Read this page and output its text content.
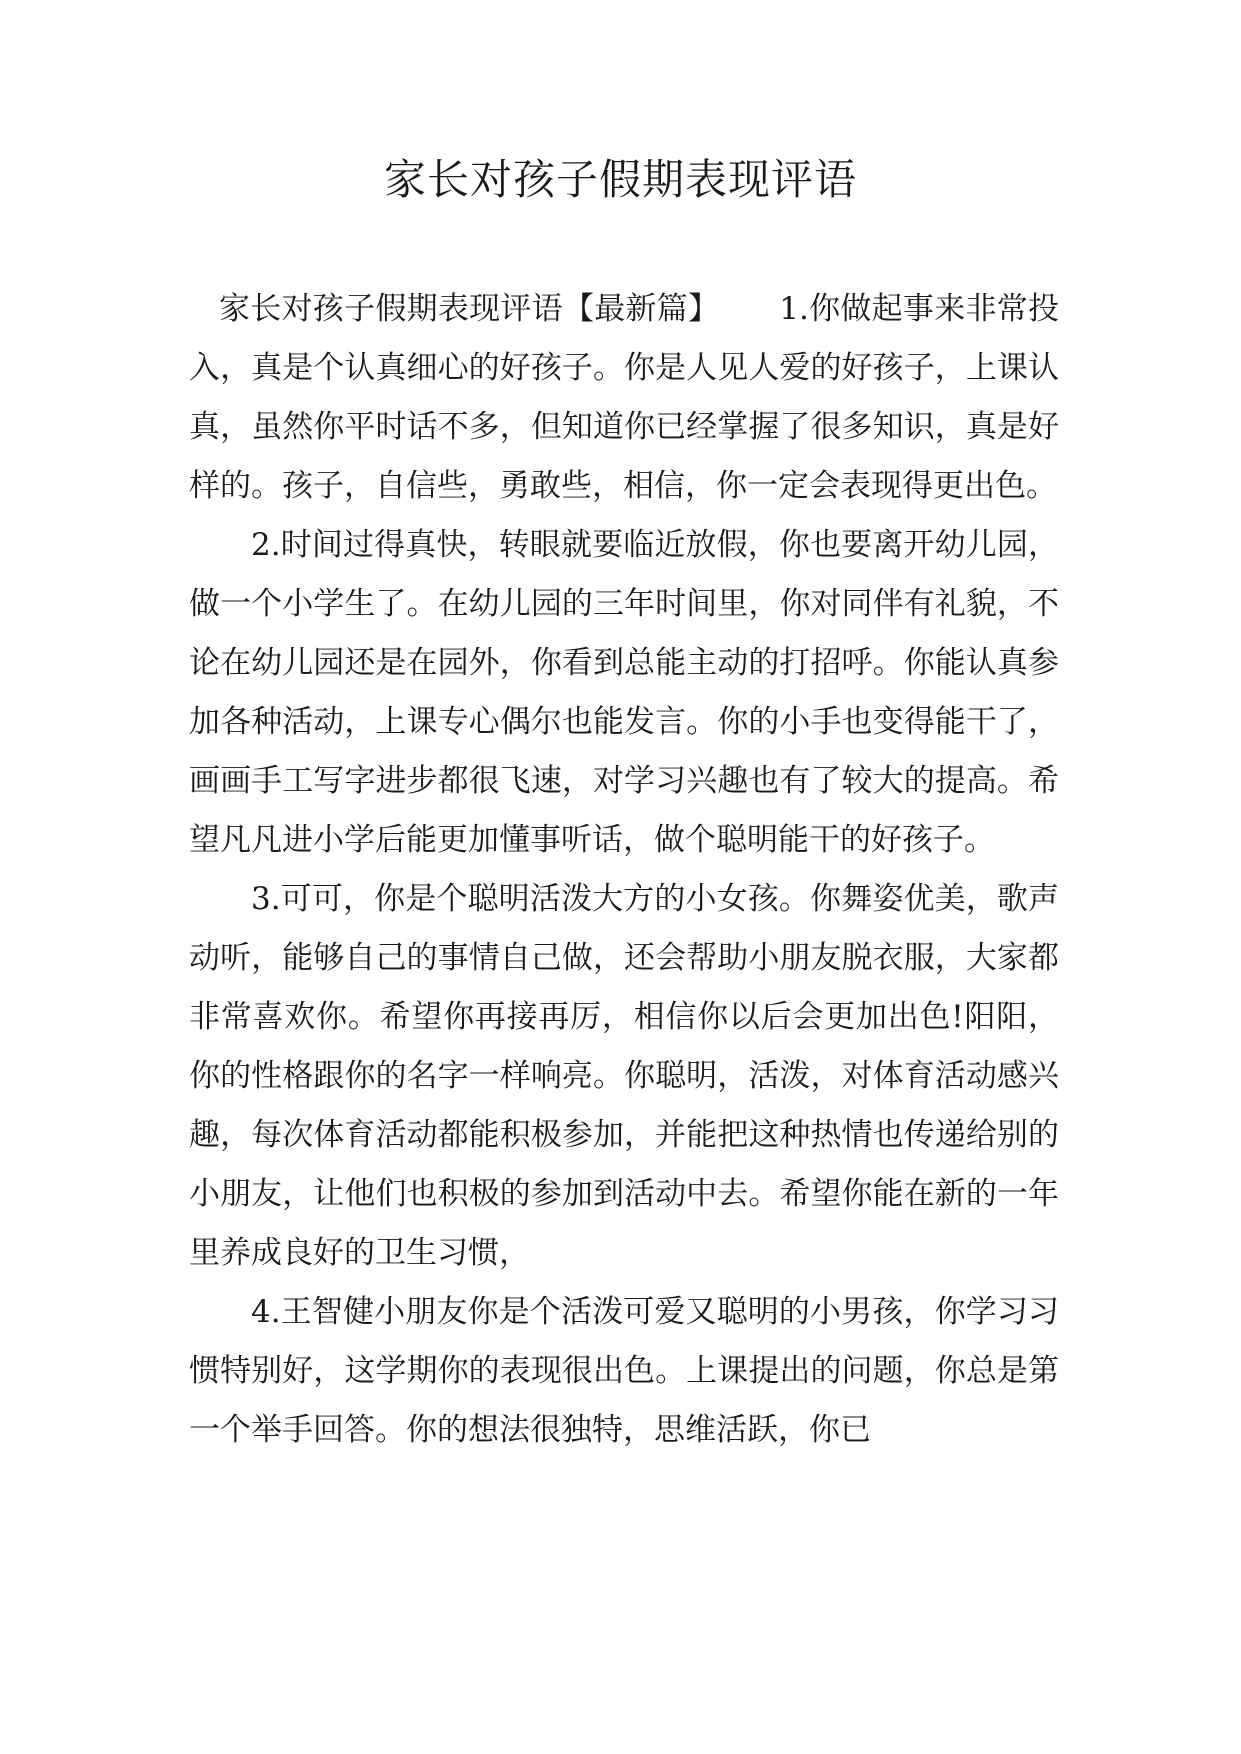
家长对孩子假期表现评语

家长对孩子假期表现评语【最新篇】 1.你做起事来非常投入，真是个认真细心的好孩子。你是人见人爱的好孩子，上课认真，虽然你平时话不多，但知道你已经掌握了很多知识，真是好样的。孩子，自信些，勇敢些，相信，你一定会表现得更出色。

2.时间过得真快，转眼就要临近放假，你也要离开幼儿园，做一个小学生了。在幼儿园的三年时间里，你对同伴有礼貌，不论在幼儿园还是在园外，你看到总能主动的打招呼。你能认真参加各种活动，上课专心偶尔也能发言。你的小手也变得能干了，画画手工写字进步都很飞速，对学习兴趣也有了较大的提高。希望凡凡进小学后能更加懂事听话，做个聪明能干的好孩子。

3.可可，你是个聪明活泼大方的小女孩。你舞姿优美，歌声动听，能够自己的事情自己做，还会帮助小朋友脱衣服，大家都非常喜欢你。希望你再接再厉，相信你以后会更加出色!阳阳，你的性格跟你的名字一样响亮。你聪明，活泼，对体育活动感兴趣，每次体育活动都能积极参加，并能把这种热情也传递给别的小朋友，让他们也积极的参加到活动中去。希望你能在新的一年里养成良好的卫生习惯，

4.王智健小朋友你是个活泼可爱又聪明的小男孩，你学习习惯特别好，这学期你的表现很出色。上课提出的问题，你总是第一个举手回答。你的想法很独特，思维活跃，你已
